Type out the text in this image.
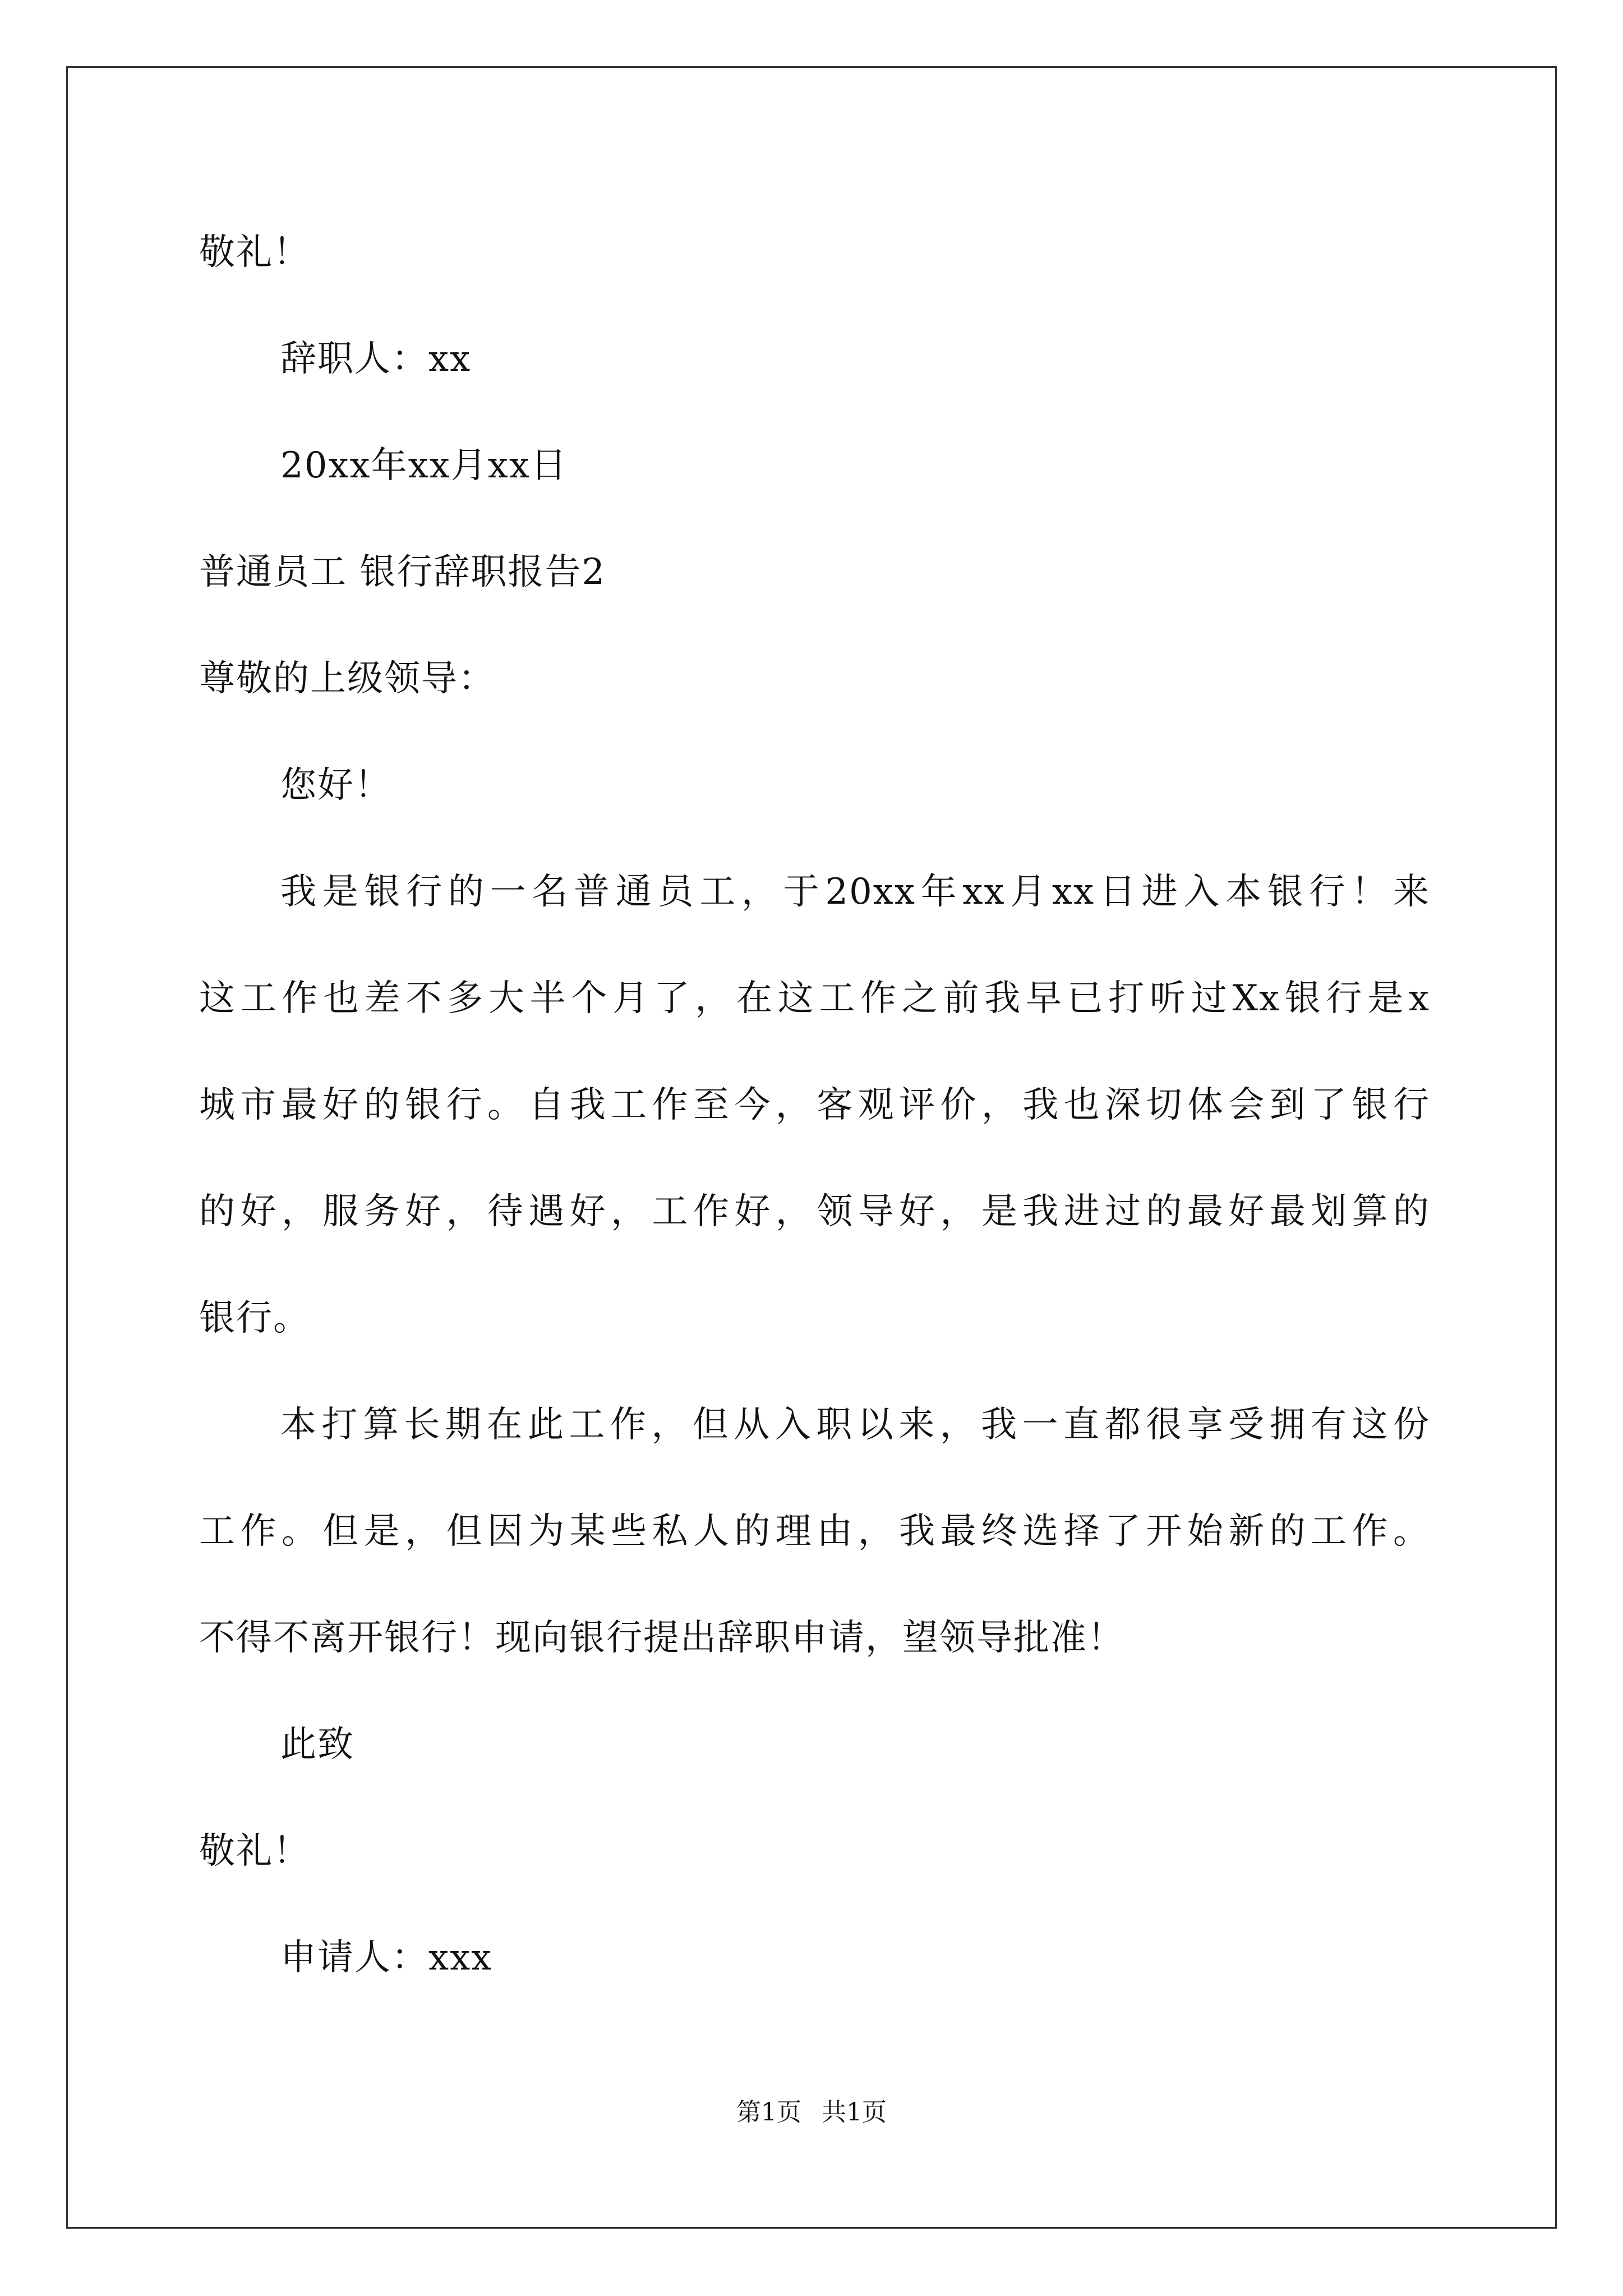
敬礼！
辞职人：xx
20xx年xx月xx日
普通员工 银行辞职报告2
尊敬的上级领导：
您好！
我是银行的一名普通员工，于20xx年xx月xx日进入本银行！来
这工作也差不多大半个月了，在这工作之前我早已打听过Xx银行是x
城市最好的银行。自我工作至今，客观评价，我也深切体会到了银行
的好，服务好，待遇好，工作好，领导好，是我进过的最好最划算的
银行。
本打算长期在此工作，但从入职以来，我一直都很享受拥有这份
工作。但是，但因为某些私人的理由，我最终选择了开始新的工作。
不得不离开银行！现向银行提出辞职申请，望领导批准！
此致
敬礼！
申请人：xxx
第1页 共1页
